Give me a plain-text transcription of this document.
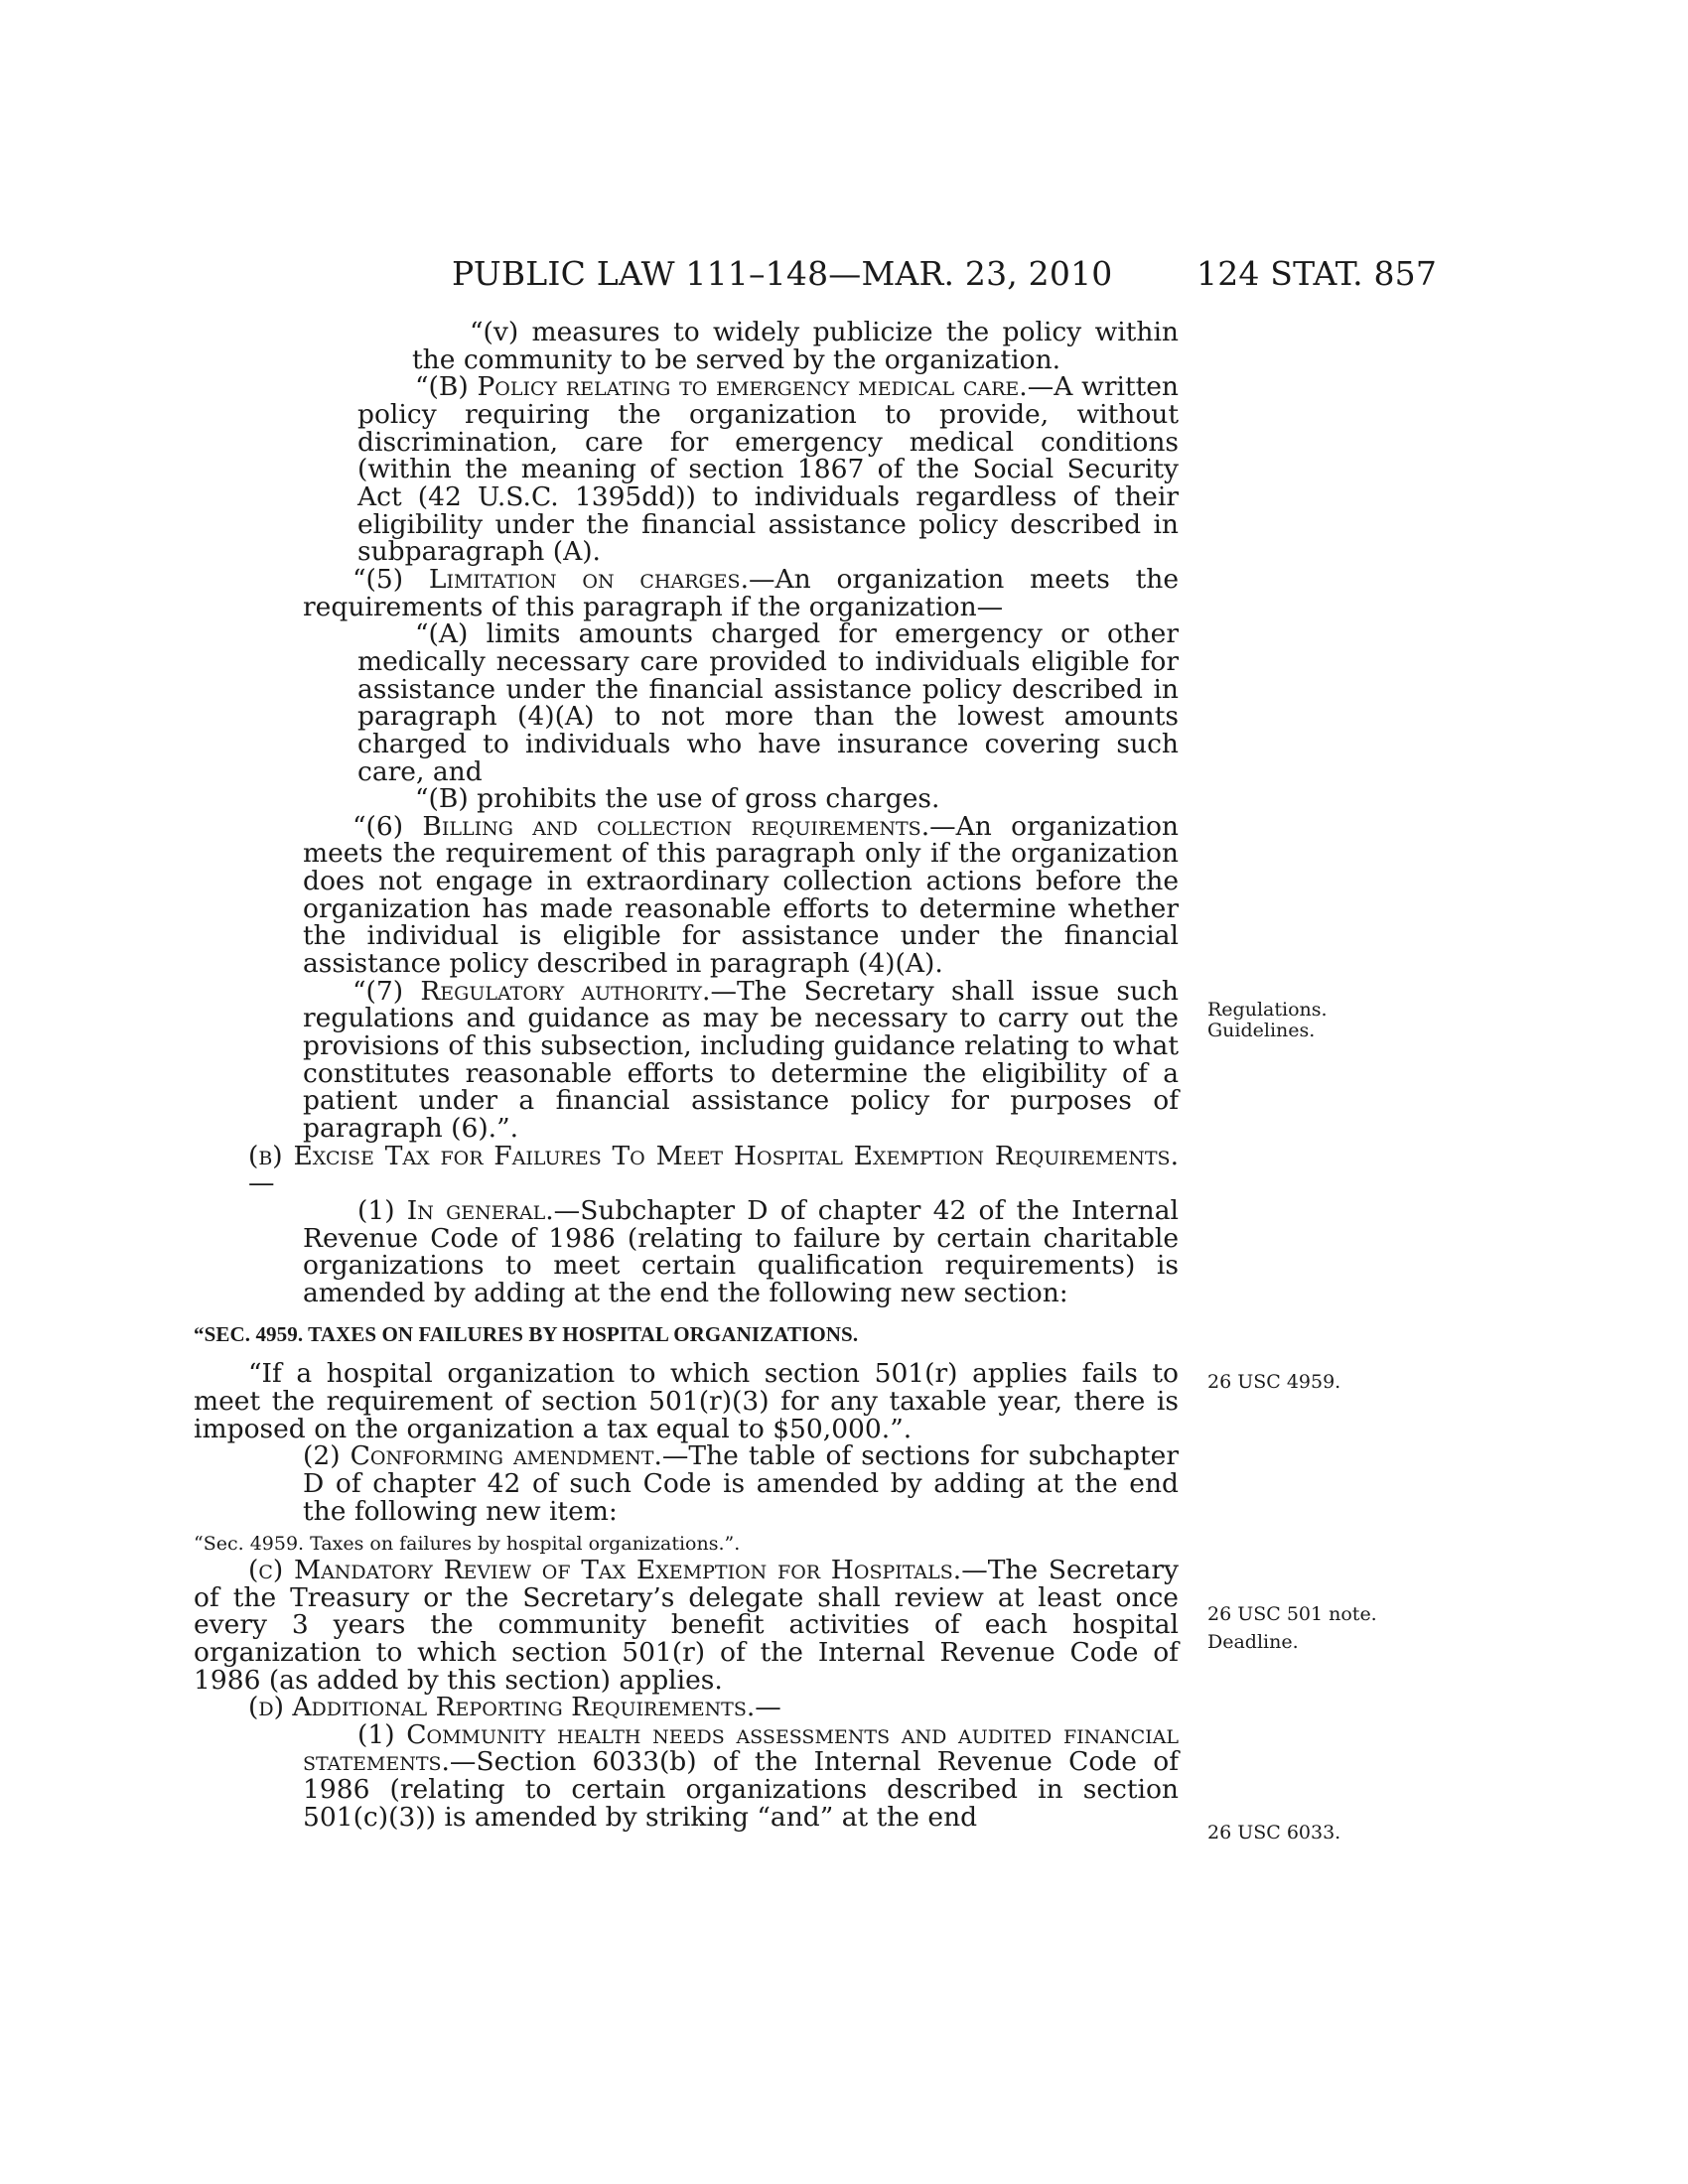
PUBLIC LAW 111–148—MAR. 23, 2010	124 STAT. 857
“(v) measures to widely publicize the policy within the community to be served by the organization.
“(B) Policy relating to emergency medical care.—A written policy requiring the organization to provide, without discrimination, care for emergency medical conditions (within the meaning of section 1867 of the Social Security Act (42 U.S.C. 1395dd)) to individuals regardless of their eligibility under the financial assistance policy described in subparagraph (A).
“(5) Limitation on charges.—An organization meets the requirements of this paragraph if the organization—
“(A) limits amounts charged for emergency or other medically necessary care provided to individuals eligible for assistance under the financial assistance policy described in paragraph (4)(A) to not more than the lowest amounts charged to individuals who have insurance covering such care, and
“(B) prohibits the use of gross charges.
“(6) Billing and collection requirements.—An organization meets the requirement of this paragraph only if the organization does not engage in extraordinary collection actions before the organization has made reasonable efforts to determine whether the individual is eligible for assistance under the financial assistance policy described in paragraph (4)(A).
“(7) Regulatory authority.—The Secretary shall issue such regulations and guidance as may be necessary to carry out the provisions of this subsection, including guidance relating to what constitutes reasonable efforts to determine the eligibility of a patient under a financial assistance policy for purposes of paragraph (6).”.
(b) Excise Tax for Failures To Meet Hospital Exemption Requirements.—
(1) In general.—Subchapter D of chapter 42 of the Internal Revenue Code of 1986 (relating to failure by certain charitable organizations to meet certain qualification requirements) is amended by adding at the end the following new section:
“SEC. 4959. TAXES ON FAILURES BY HOSPITAL ORGANIZATIONS.
“If a hospital organization to which section 501(r) applies fails to meet the requirement of section 501(r)(3) for any taxable year, there is imposed on the organization a tax equal to $50,000.”.
(2) Conforming amendment.—The table of sections for subchapter D of chapter 42 of such Code is amended by adding at the end the following new item:
“Sec. 4959. Taxes on failures by hospital organizations.”.
(c) Mandatory Review of Tax Exemption for Hospitals.—The Secretary of the Treasury or the Secretary’s delegate shall review at least once every 3 years the community benefit activities of each hospital organization to which section 501(r) of the Internal Revenue Code of 1986 (as added by this section) applies.
(d) Additional Reporting Requirements.—
(1) Community health needs assessments and audited financial statements.—Section 6033(b) of the Internal Revenue Code of 1986 (relating to certain organizations described in section 501(c)(3)) is amended by striking “and” at the end
Regulations.
Guidelines.
26 USC 4959.
26 USC 501 note.
Deadline.
26 USC 6033.
